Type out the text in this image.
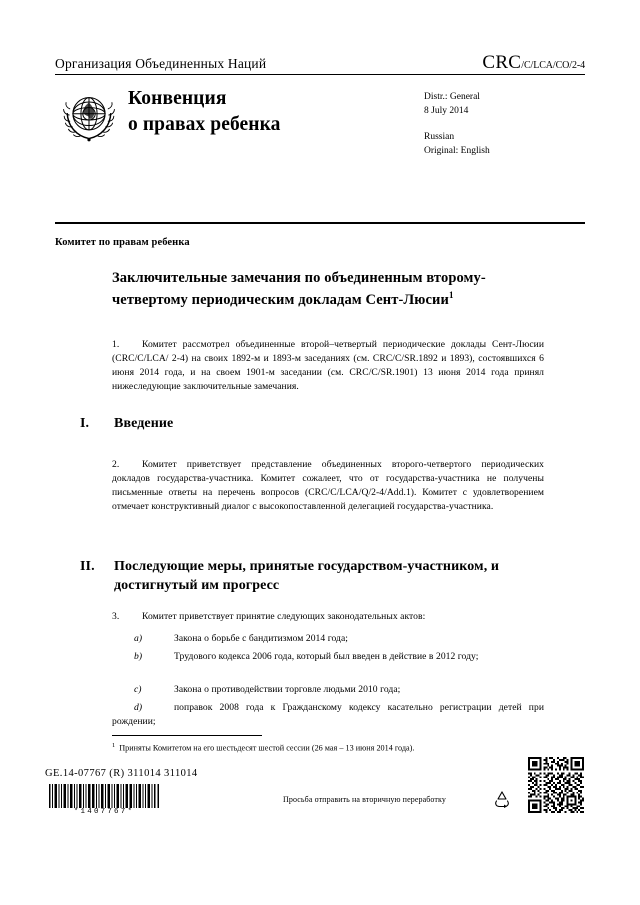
Организация Объединенных Наций	CRC/C/LCA/CO/2-4
Конвенция
о правах ребенка
Distr.: General
8 July 2014
Russian
Original: English
Комитет по правам ребенка
Заключительные замечания по объединенным второму-четвертому периодическим докладам Сент-Люсии$^1$
1. Комитет рассмотрел объединенные второй–четвертый периодические доклады Сент-Люсии (CRC/C/LCA/ 2-4) на своих 1892-м и 1893-м заседаниях (см. CRC/C/SR.1892 и 1893), состоявшихся 6 июня 2014 года, и на своем 1901-м заседании (см. CRC/C/SR.1901) 13 июня 2014 года принял нижеследующие заключительные замечания.
I.	Введение
2. Комитет приветствует представление объединенных второго-четвертого периодических докладов государства-участника. Комитет сожалеет, что от государства-участника не получены письменные ответы на перечень вопросов (CRC/C/LCA/Q/2-4/Add.1). Комитет с удовлетворением отмечает конструктивный диалог с высокопоставленной делегацией государства-участника.
II.	Последующие меры, принятые государством-участником, и достигнутый им прогресс
3. Комитет приветствует принятие следующих законодательных актов:
a)	Закона о борьбе с бандитизмом 2014 года;
b)	Трудового кодекса 2006 года, который был введен в действие в 2012 году;
c)	Закона о противодействии торговле людьми 2010 года;
d)	поправок 2008 года к Гражданскому кодексу касательно регистрации детей при рождении;
$^1$ Приняты Комитетом на его шестьдесят шестой сессии (26 мая – 13 июня 2014 года).
GE.14-07767 (R) 311014 311014
*1407767*
Просьба отправить на вторичную переработку
